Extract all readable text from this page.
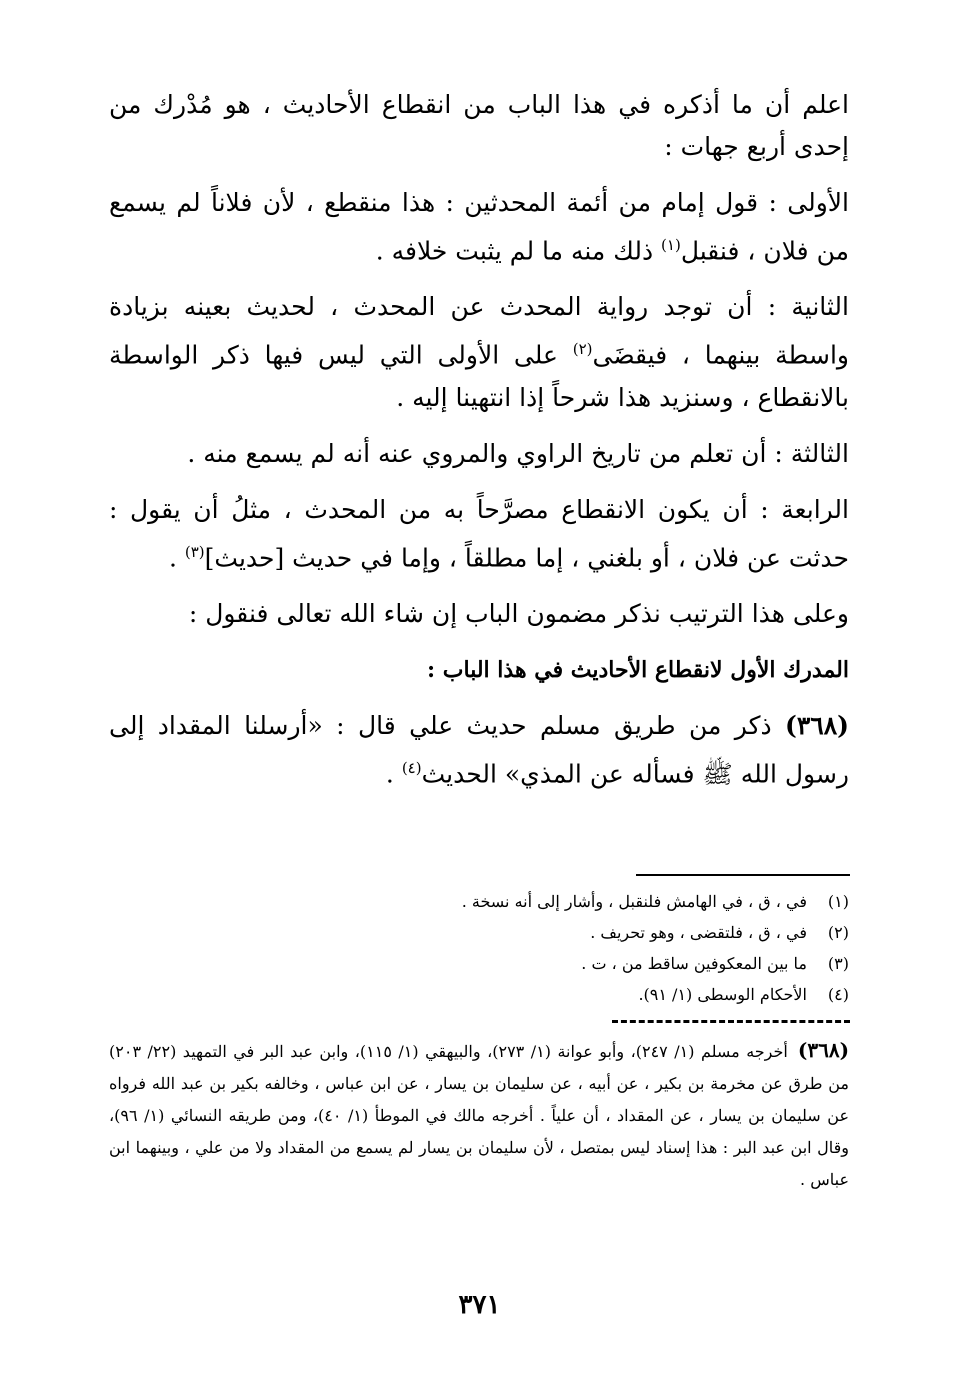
اعلم أن ما أذكره في هذا الباب من انقطاع الأحاديث ، هو مُدْرك من إحدى أربع جهات :

الأولى : قول إمام من أئمة المحدثين : هذا منقطع ، لأن فلاناً لم يسمع من فلان ، فنقبل$^{(١)}$ ذلك منه ما لم يثبت خلافه .

الثانية : أن توجد رواية المحدث عن المحدث ، لحديث بعينه بزيادة واسطة بينهما ، فيقضَى$^{(٢)}$ على الأولى التي ليس فيها ذكر الواسطة بالانقطاع ، وسنزيد هذا شرحاً إذا انتهينا إليه .

الثالثة : أن تعلم من تاريخ الراوي والمروي عنه أنه لم يسمع منه .

الرابعة : أن يكون الانقطاع مصرَّحاً به من المحدث ، مثلُ أن يقول : حدثت عن فلان ، أو بلغني ، إما مطلقاً ، وإما في حديث [حديث]$^{(٣)}$ .

وعلى هذا الترتيب نذكر مضمون الباب إن شاء الله تعالى فنقول :

المدرك الأول لانقطاع الأحاديث في هذا الباب :

(٣٦٨) ذكر من طريق مسلم حديث علي قال : «أرسلنا المقداد إلى رسول الله ﷺ فسأله عن المذي» الحديث$^{(٤)}$ .

(١)
في ، ق ، في الهامش فلنقبل ، وأشار إلى أنه نسخة .
(٢)
في ، ق ، فلتقضى ، وهو تحريف .
(٣)
ما بين المعكوفين ساقط من ، ت .
(٤)
الأحكام الوسطى (١/ ٩١).
(٣٦٨)أخرجه مسلم (١/ ٢٤٧)، وأبو عوانة (١/ ٢٧٣)، والبيهقي (١/ ١١٥)، وابن عبد البر في التمهيد (٢٢/ ٢٠٣) من طرق عن مخرمة بن بكير ، عن أبيه ، عن سليمان بن يسار ، عن ابن عباس ، وخالفه بكير بن عبد الله فرواه عن سليمان بن يسار ، عن المقداد ، أن علياً . أخرجه مالك في الموطأ (١/ ٤٠)، ومن طريقه النسائي (١/ ٩٦)، وقال ابن عبد البر : هذا إسناد ليس بمتصل ، لأن سليمان بن يسار لم يسمع من المقداد ولا من علي ، وبينهما ابن عباس .
٣٧١
